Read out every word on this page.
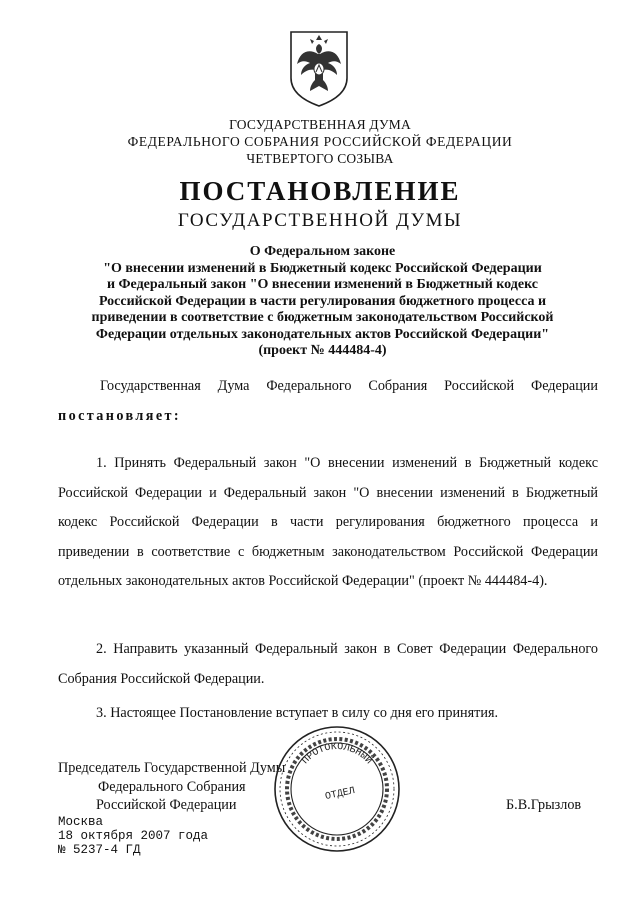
ГОСУДАРСТВЕННАЯ ДУМА
ФЕДЕРАЛЬНОГО СОБРАНИЯ РОССИЙСКОЙ ФЕДЕРАЦИИ
ЧЕТВЕРТОГО СОЗЫВА
ПОСТАНОВЛЕНИЕ
ГОСУДАРСТВЕННОЙ ДУМЫ
О Федеральном законе
"О внесении изменений в Бюджетный кодекс Российской Федерации
и Федеральный закон "О внесении изменений в Бюджетный кодекс
Российской Федерации в части регулирования бюджетного процесса и
приведении в соответствие с бюджетным законодательством Российской
Федерации отдельных законодательных актов Российской Федерации"
(проект № 444484-4)
Государственная Дума Федерального Собрания Российской Федерации постановляет:
1. Принять Федеральный закон "О внесении изменений в Бюджетный кодекс Российской Федерации и Федеральный закон "О внесении изменений в Бюджетный кодекс Российской Федерации в части регулирования бюджетного процесса и приведении в соответствие с бюджетным законодательством Российской Федерации отдельных законодательных актов Российской Федерации" (проект № 444484-4).
2. Направить указанный Федеральный закон в Совет Федерации Федерального Собрания Российской Федерации.
3. Настоящее Постановление вступает в силу со дня его принятия.
Председатель Государственной Думы
Федерального Собрания
Российской Федерации	Б.В.Грызлов
Москва
18 октября 2007 года
№ 5237-4 ГД
ПРОТОКОЛЬНЫЙ
ОТДЕЛ
